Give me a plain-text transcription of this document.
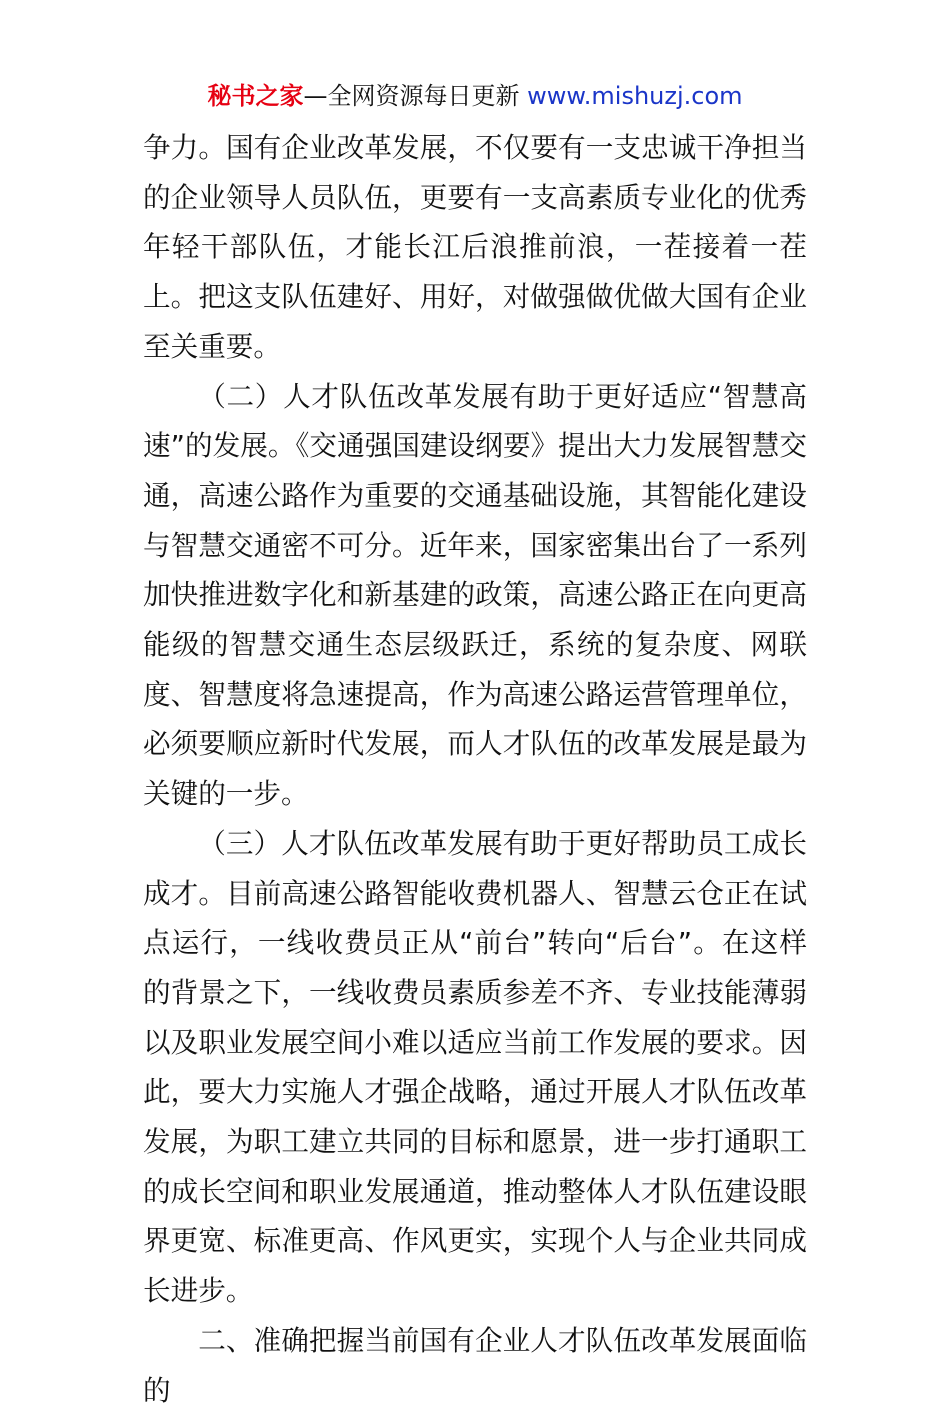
秘书之家—全网资源每日更新 www.mishuzj.com

争力。国有企业改革发展，不仅要有一支忠诚干净担当的企业领导人员队伍，更要有一支高素质专业化的优秀年轻干部队伍，才能长江后浪推前浪，一茬接着一茬上。把这支队伍建好、用好，对做强做优做大国有企业至关重要。

（二）人才队伍改革发展有助于更好适应“智慧高速”的发展。《交通强国建设纲要》提出大力发展智慧交通，高速公路作为重要的交通基础设施，其智能化建设与智慧交通密不可分。近年来，国家密集出台了一系列加快推进数字化和新基建的政策，高速公路正在向更高能级的智慧交通生态层级跃迁，系统的复杂度、网联度、智慧度将急速提高，作为高速公路运营管理单位，必须要顺应新时代发展，而人才队伍的改革发展是最为关键的一步。

（三）人才队伍改革发展有助于更好帮助员工成长成才。目前高速公路智能收费机器人、智慧云仓正在试点运行，一线收费员正从“前台”转向“后台”。在这样的背景之下，一线收费员素质参差不齐、专业技能薄弱以及职业发展空间小难以适应当前工作发展的要求。因此，要大力实施人才强企战略，通过开展人才队伍改革发展，为职工建立共同的目标和愿景，进一步打通职工的成长空间和职业发展通道，推动整体人才队伍建设眼界更宽、标准更高、作风更实，实现个人与企业共同成长进步。

二、准确把握当前国有企业人才队伍改革发展面临的
